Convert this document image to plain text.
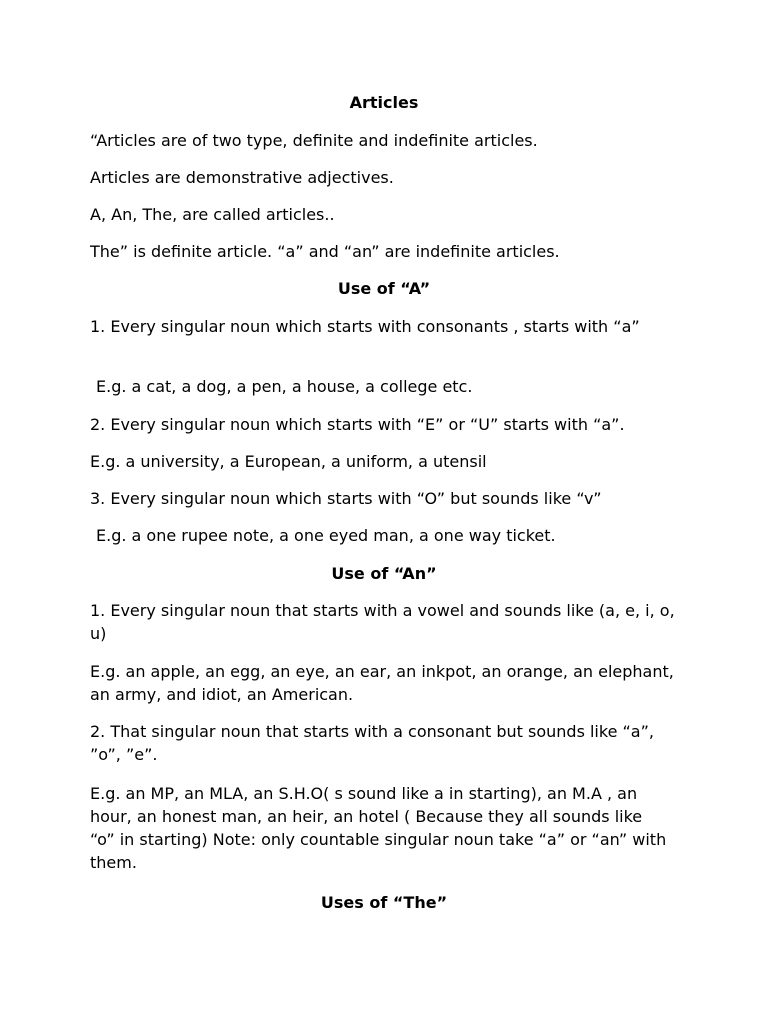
Articles
“Articles are of two type, definite and indefinite articles.
Articles are demonstrative adjectives.
A, An, The, are called articles..
The” is definite article. “a” and “an” are indefinite articles.
Use of “A”
1. Every singular noun which starts with consonants , starts with “a”
E.g. a cat, a dog, a pen, a house, a college etc.
2. Every singular noun which starts with “E” or “U” starts with “a”.
E.g. a university, a European, a uniform, a utensil
3. Every singular noun which starts with “O” but sounds like “v”
E.g. a one rupee note, a one eyed man, a one way ticket.
Use of “An”
1. Every singular noun that starts with a vowel and sounds like (a, e, i, o, u)
E.g. an apple, an egg, an eye, an ear, an inkpot, an orange, an elephant, an army, and idiot, an American.
2. That singular noun that starts with a consonant but sounds like “a”, ”o”, ”e”.
E.g. an MP, an MLA, an S.H.O( s sound like a in starting), an M.A , an hour, an honest man, an heir, an hotel ( Because they all sounds like “o” in starting) Note: only countable singular noun take “a” or “an” with them.
Uses of “The”
